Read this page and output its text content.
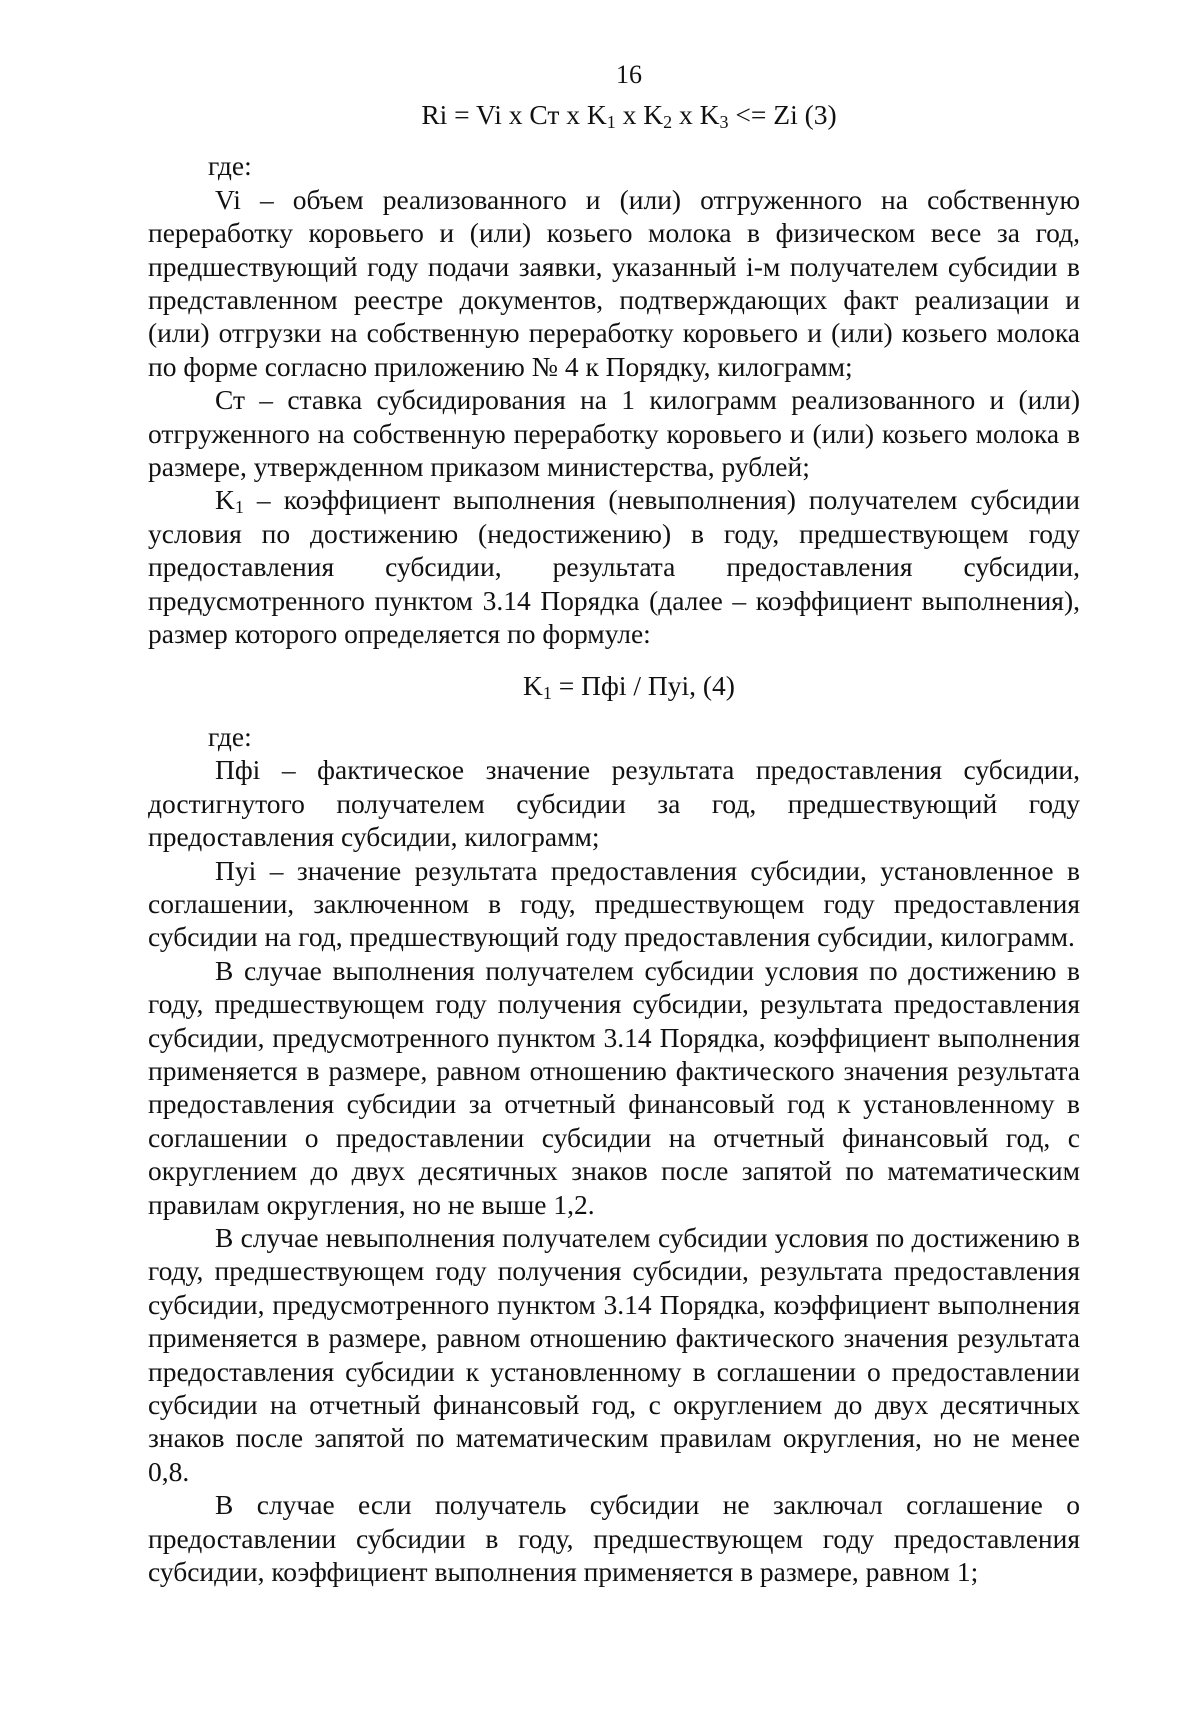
16
Ri = Vi x Ст x $K_1$ x $K_2$ x $K_3 <= Zi$ (3)

где:

Vi – объем реализованного и (или) отгруженного на собственную переработку коровьего и (или) козьего молока в физическом весе за год, предшествующий году подачи заявки, указанный i-м получателем субсидии в представленном реестре документов, подтверждающих факт реализации и (или) отгрузки на собственную переработку коровьего и (или) козьего молока по форме согласно приложению № 4 к Порядку, килограмм;

Ст – ставка субсидирования на 1 килограмм реализованного и (или) отгруженного на собственную переработку коровьего и (или) козьего молока в размере, утвержденном приказом министерства, рублей;

$K_1$ – коэффициент выполнения (невыполнения) получателем субсидии условия по достижению (недостижению) в году, предшествующем году предоставления субсидии, результата предоставления субсидии, предусмотренного пунктом 3.14 Порядка (далее – коэффициент выполнения), размер которого определяется по формуле:

$K_1$ = Пфi / Пуi, (4)

где:

Пфi – фактическое значение результата предоставления субсидии, достигнутого получателем субсидии за год, предшествующий году предоставления субсидии, килограмм;

Пуi – значение результата предоставления субсидии, установленное в соглашении, заключенном в году, предшествующем году предоставления субсидии на год, предшествующий году предоставления субсидии, килограмм.

В случае выполнения получателем субсидии условия по достижению в году, предшествующем году получения субсидии, результата предоставления субсидии, предусмотренного пунктом 3.14 Порядка, коэффициент выполнения применяется в размере, равном отношению фактического значения результата предоставления субсидии за отчетный финансовый год к установленному в соглашении о предоставлении субсидии на отчетный финансовый год, с округлением до двух десятичных знаков после запятой по математическим правилам округления, но не выше 1,2.

В случае невыполнения получателем субсидии условия по достижению в году, предшествующем году получения субсидии, результата предоставления субсидии, предусмотренного пунктом 3.14 Порядка, коэффициент выполнения применяется в размере, равном отношению фактического значения результата предоставления субсидии к установленному в соглашении о предоставлении субсидии на отчетный финансовый год, с округлением до двух десятичных знаков после запятой по математическим правилам округления, но не менее 0,8.

В случае если получатель субсидии не заключал соглашение о предоставлении субсидии в году, предшествующем году предоставления субсидии, коэффициент выполнения применяется в размере, равном 1;
